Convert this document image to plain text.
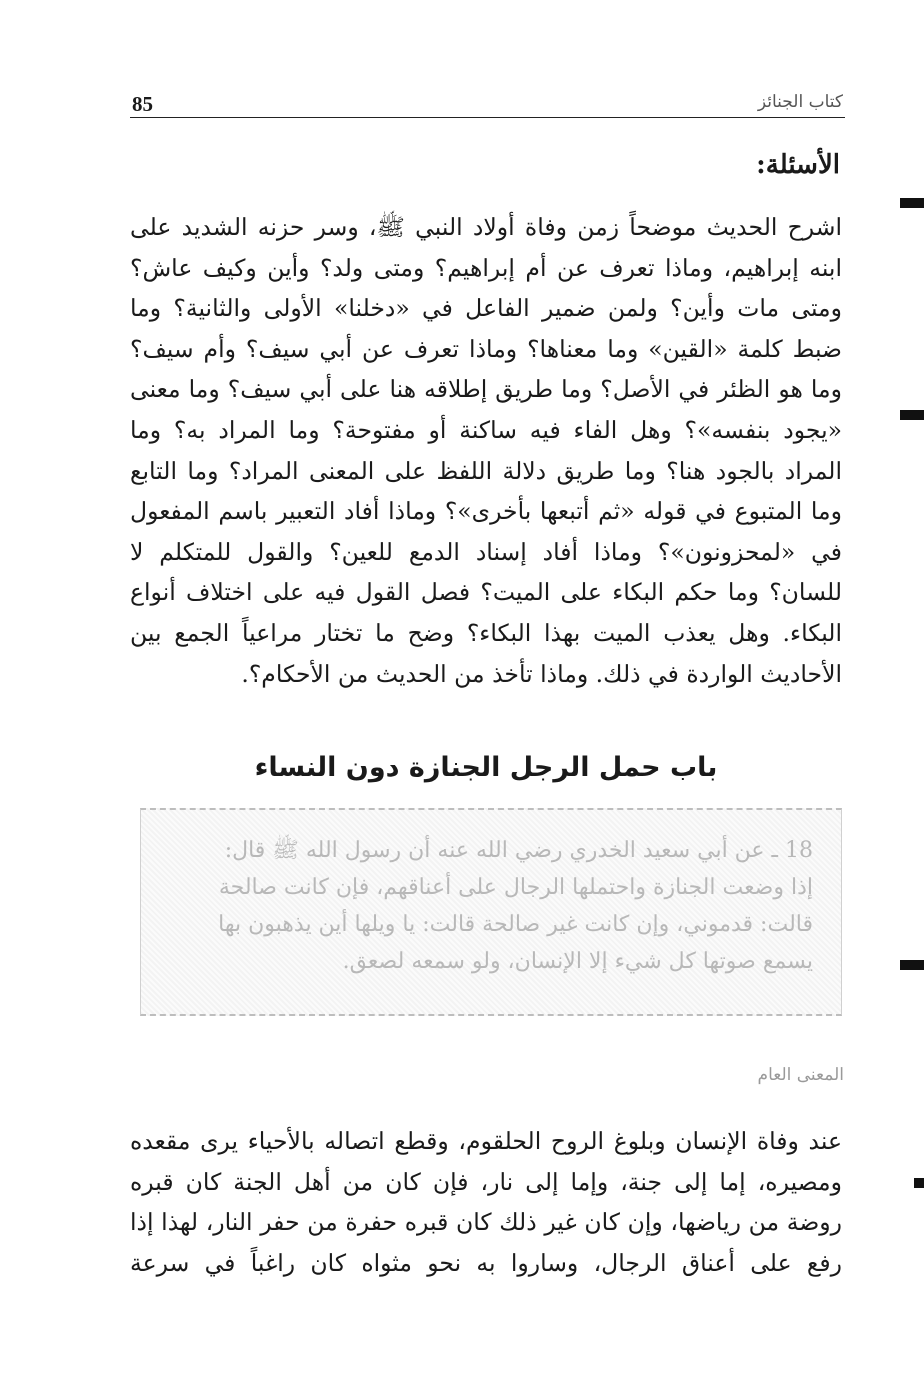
85	كتاب الجنائز
الأسئلة:
اشرح الحديث موضحاً زمن وفاة أولاد النبي ﷺ، وسر حزنه الشديد على ابنه إبراهيم، وماذا تعرف عن أم إبراهيم؟ ومتى ولد؟ وأين وكيف عاش؟ ومتى مات وأين؟ ولمن ضمير الفاعل في «دخلنا» الأولى والثانية؟ وما ضبط كلمة «القين» وما معناها؟ وماذا تعرف عن أبي سيف؟ وأم سيف؟ وما هو الظئر في الأصل؟ وما طريق إطلاقه هنا على أبي سيف؟ وما معنى «يجود بنفسه»؟ وهل الفاء فيه ساكنة أو مفتوحة؟ وما المراد به؟ وما المراد بالجود هنا؟ وما طريق دلالة اللفظ على المعنى المراد؟ وما التابع وما المتبوع في قوله «ثم أتبعها بأخرى»؟ وماذا أفاد التعبير باسم المفعول في «لمحزونون»؟ وماذا أفاد إسناد الدمع للعين؟ والقول للمتكلم لا للسان؟ وما حكم البكاء على الميت؟ فصل القول فيه على اختلاف أنواع البكاء. وهل يعذب الميت بهذا البكاء؟ وضح ما تختار مراعياً الجمع بين الأحاديث الواردة في ذلك. وماذا تأخذ من الحديث من الأحكام؟.
باب حمل الرجل الجنازة دون النساء
18 ـ عن أبي سعيد الخدري رضي الله عنه أن رسول الله ﷺ قال:
إذا وضعت الجنازة واحتملها الرجال على أعناقهم، فإن كانت صالحة
قالت: قدموني، وإن كانت غير صالحة قالت: يا ويلها أين يذهبون بها
يسمع صوتها كل شيء إلا الإنسان، ولو سمعه لصعق.
المعنى العام
عند وفاة الإنسان وبلوغ الروح الحلقوم، وقطع اتصاله بالأحياء يرى مقعده ومصيره، إما إلى جنة، وإما إلى نار، فإن كان من أهل الجنة كان قبره روضة من رياضها، وإن كان غير ذلك كان قبره حفرة من حفر النار، لهذا إذا رفع على أعناق الرجال، وساروا به نحو مثواه كان راغباً في سرعة
